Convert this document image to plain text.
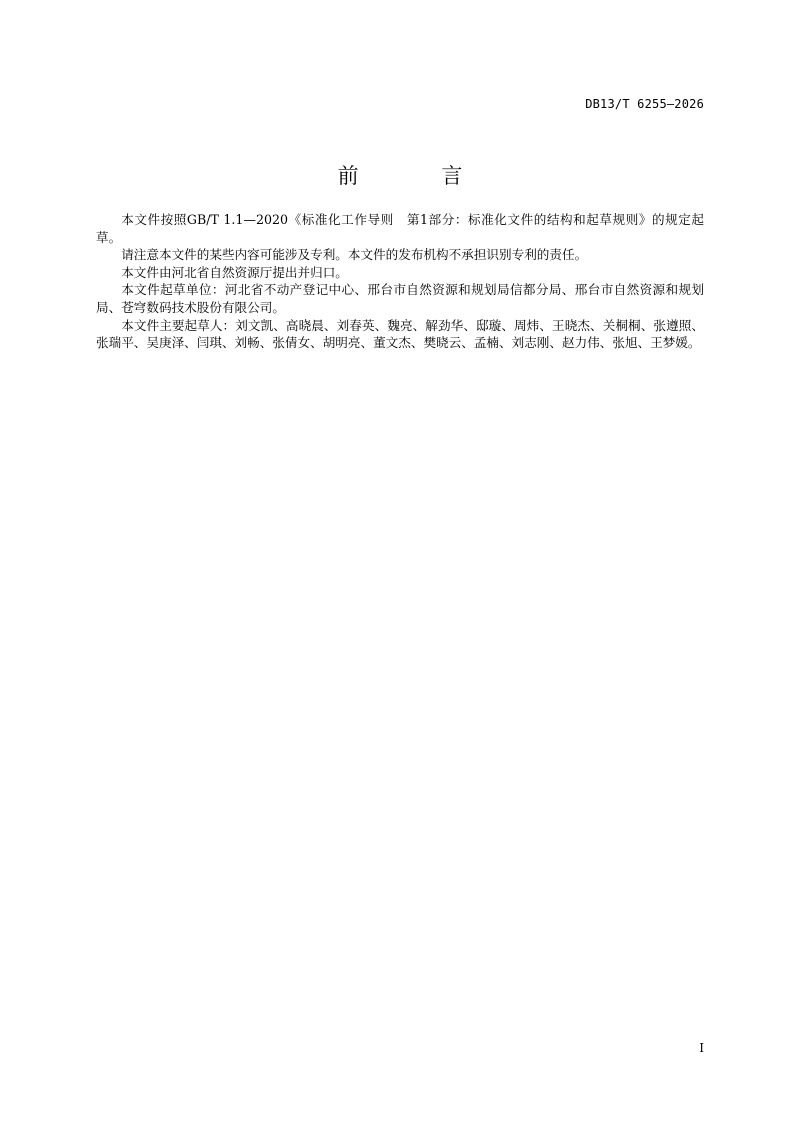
DB13/T 6255—2026
前 言

本文件按照GB/T 1.1—2020《标准化工作导则　第1部分：标准化文件的结构和起草规则》的规定起草。

请注意本文件的某些内容可能涉及专利。本文件的发布机构不承担识别专利的责任。

本文件由河北省自然资源厅提出并归口。

本文件起草单位：河北省不动产登记中心、邢台市自然资源和规划局信都分局、邢台市自然资源和规划局、苍穹数码技术股份有限公司。

本文件主要起草人：刘文凯、高晓晨、刘春英、魏亮、解劲华、邸璇、周炜、王晓杰、关桐桐、张遵照、张瑞平、吴庚泽、闫琪、刘畅、张倩女、胡明亮、董文杰、樊晓云、孟楠、刘志刚、赵力伟、张旭、王梦媛。

I
